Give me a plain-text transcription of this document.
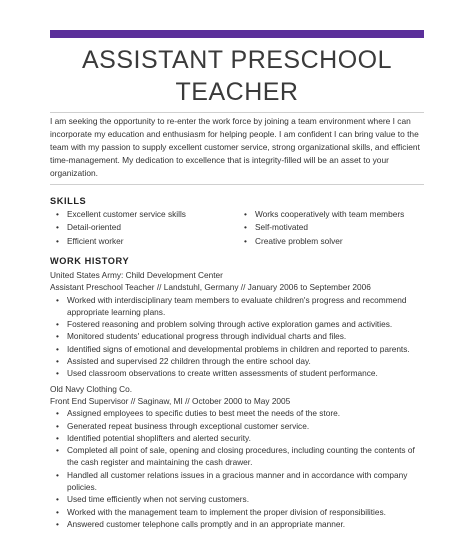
ASSISTANT PRESCHOOL
TEACHER

I am seeking the opportunity to re-enter the work force by joining a team environment where I can incorporate my education and enthusiasm for helping people. I am confident I can bring value to the team with my passion to supply excellent customer service, strong organizational skills, and efficient time-management. My dedication to excellence that is integrity-filled will be an asset to your organization.

SKILLS
• Excellent customer service skills
• Detail-oriented
• Efficient worker
• Works cooperatively with team members
• Self-motivated
• Creative problem solver
WORK HISTORY

United States Army: Child Development Center

Assistant Preschool Teacher // Landstuhl, Germany // January 2006 to September 2006

• Worked with interdisciplinary team members to evaluate children's progress and recommend appropriate learning plans.
• Fostered reasoning and problem solving through active exploration games and activities.
• Monitored students' educational progress through individual charts and files.
• Identified signs of emotional and developmental problems in children and reported to parents.
• Assisted and supervised 22 children through the entire school day.
• Used classroom observations to create written assessments of student performance.

Old Navy Clothing Co.

Front End Supervisor // Saginaw, MI // October 2000 to May 2005

• Assigned employees to specific duties to best meet the needs of the store.
• Generated repeat business through exceptional customer service.
• Identified potential shoplifters and alerted security.
• Completed all point of sale, opening and closing procedures, including counting the contents of the cash register and maintaining the cash drawer.
• Handled all customer relations issues in a gracious manner and in accordance with company policies.
• Used time efficiently when not serving customers.
• Worked with the management team to implement the proper division of responsibilities.
• Answered customer telephone calls promptly and in an appropriate manner.
